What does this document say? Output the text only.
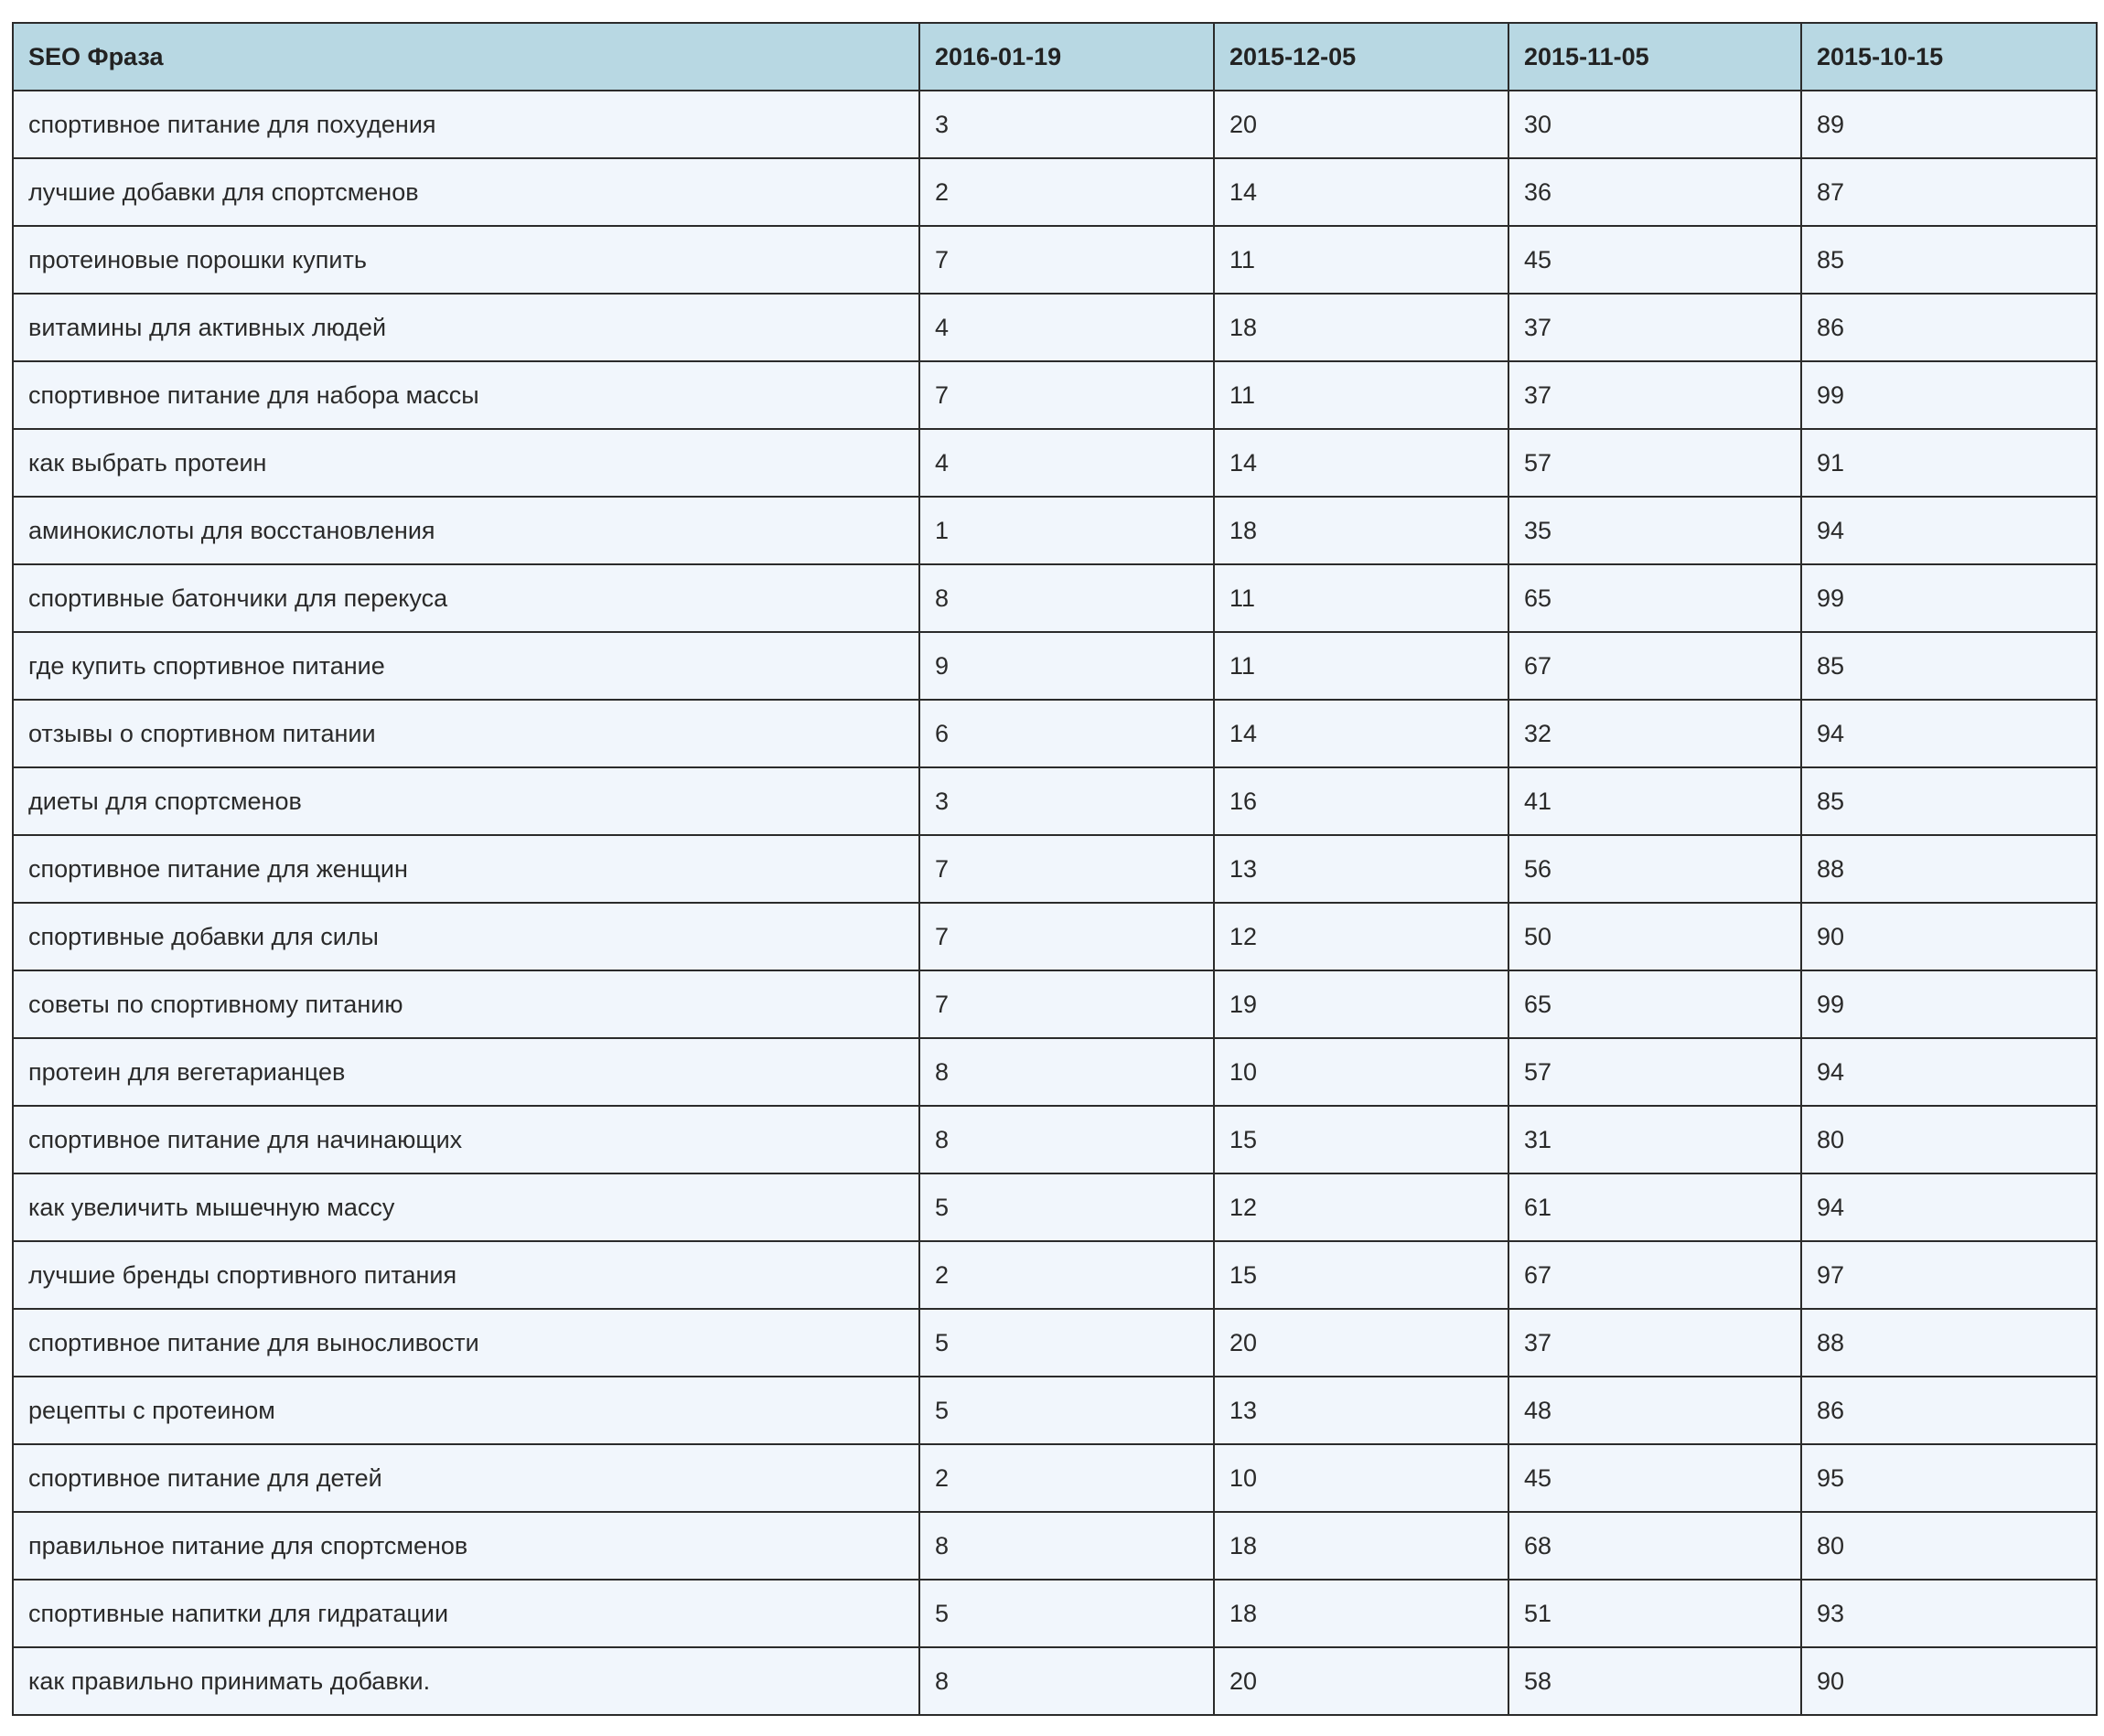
SEO Фраза	2016-01-19	2015-12-05	2015-11-05	2015-10-15
спортивное питание для похудения	3	20	30	89
лучшие добавки для спортсменов	2	14	36	87
протеиновые порошки купить	7	11	45	85
витамины для активных людей	4	18	37	86
спортивное питание для набора массы	7	11	37	99
как выбрать протеин	4	14	57	91
аминокислоты для восстановления	1	18	35	94
спортивные батончики для перекуса	8	11	65	99
где купить спортивное питание	9	11	67	85
отзывы о спортивном питании	6	14	32	94
диеты для спортсменов	3	16	41	85
спортивное питание для женщин	7	13	56	88
спортивные добавки для силы	7	12	50	90
советы по спортивному питанию	7	19	65	99
протеин для вегетарианцев	8	10	57	94
спортивное питание для начинающих	8	15	31	80
как увеличить мышечную массу	5	12	61	94
лучшие бренды спортивного питания	2	15	67	97
спортивное питание для выносливости	5	20	37	88
рецепты с протеином	5	13	48	86
спортивное питание для детей	2	10	45	95
правильное питание для спортсменов	8	18	68	80
спортивные напитки для гидратации	5	18	51	93
как правильно принимать добавки.	8	20	58	90
